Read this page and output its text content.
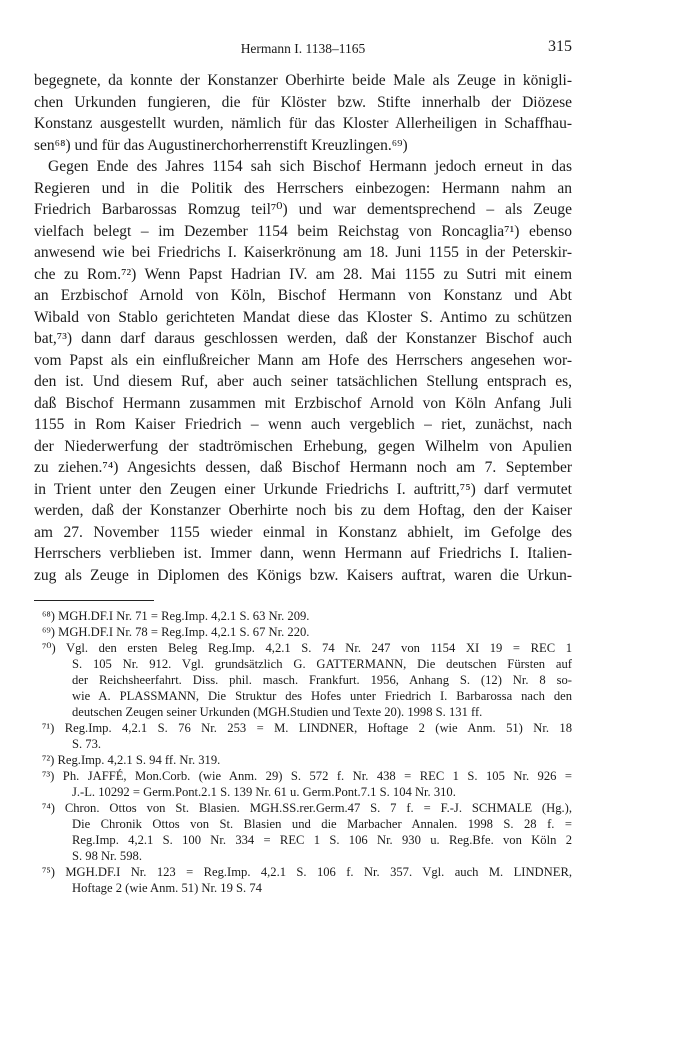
Hermann I. 1138–1165	315
begegnete, da konnte der Konstanzer Oberhirte beide Male als Zeuge in königli-
chen Urkunden fungieren, die für Klöster bzw. Stifte innerhalb der Diözese
Konstanz ausgestellt wurden, nämlich für das Kloster Allerheiligen in Schaffhau-
sen⁶⁸) und für das Augustinerchorherrenstift Kreuzlingen.⁶⁹)
Gegen Ende des Jahres 1154 sah sich Bischof Hermann jedoch erneut in das
Regieren und in die Politik des Herrschers einbezogen: Hermann nahm an
Friedrich Barbarossas Romzug teil⁷⁰) und war dementsprechend – als Zeuge
vielfach belegt – im Dezember 1154 beim Reichstag von Roncaglia⁷¹) ebenso
anwesend wie bei Friedrichs I. Kaiserkrönung am 18. Juni 1155 in der Peterskir-
che zu Rom.⁷²) Wenn Papst Hadrian IV. am 28. Mai 1155 zu Sutri mit einem
an Erzbischof Arnold von Köln, Bischof Hermann von Konstanz und Abt
Wibald von Stablo gerichteten Mandat diese das Kloster S. Antimo zu schützen
bat,⁷³) dann darf daraus geschlossen werden, daß der Konstanzer Bischof auch
vom Papst als ein einflußreicher Mann am Hofe des Herrschers angesehen wor-
den ist. Und diesem Ruf, aber auch seiner tatsächlichen Stellung entsprach es,
daß Bischof Hermann zusammen mit Erzbischof Arnold von Köln Anfang Juli
1155 in Rom Kaiser Friedrich – wenn auch vergeblich – riet, zunächst, nach
der Niederwerfung der stadtrömischen Erhebung, gegen Wilhelm von Apulien
zu ziehen.⁷⁴) Angesichts dessen, daß Bischof Hermann noch am 7. September
in Trient unter den Zeugen einer Urkunde Friedrichs I. auftritt,⁷⁵) darf vermutet
werden, daß der Konstanzer Oberhirte noch bis zu dem Hoftag, den der Kaiser
am 27. November 1155 wieder einmal in Konstanz abhielt, im Gefolge des
Herrschers verblieben ist. Immer dann, wenn Hermann auf Friedrichs I. Italien-
zug als Zeuge in Diplomen des Königs bzw. Kaisers auftrat, waren die Urkun-
⁶⁸) MGH.DF.I Nr. 71 = Reg.Imp. 4,2.1 S. 63 Nr. 209.
⁶⁹) MGH.DF.I Nr. 78 = Reg.Imp. 4,2.1 S. 67 Nr. 220.
⁷⁰) Vgl. den ersten Beleg Reg.Imp. 4,2.1 S. 74 Nr. 247 von 1154 XI 19 = REC 1
S. 105 Nr. 912. Vgl. grundsätzlich G. GATTERMANN, Die deutschen Fürsten auf
der Reichsheerfahrt. Diss. phil. masch. Frankfurt. 1956, Anhang S. (12) Nr. 8 so-
wie A. PLASSMANN, Die Struktur des Hofes unter Friedrich I. Barbarossa nach den
deutschen Zeugen seiner Urkunden (MGH.Studien und Texte 20). 1998 S. 131 ff.
⁷¹) Reg.Imp. 4,2.1 S. 76 Nr. 253 = M. LINDNER, Hoftage 2 (wie Anm. 51) Nr. 18
S. 73.
⁷²) Reg.Imp. 4,2.1 S. 94 ff. Nr. 319.
⁷³) Ph. JAFFÉ, Mon.Corb. (wie Anm. 29) S. 572 f. Nr. 438 = REC 1 S. 105 Nr. 926 =
J.-L. 10292 = Germ.Pont.2.1 S. 139 Nr. 61 u. Germ.Pont.7.1 S. 104 Nr. 310.
⁷⁴) Chron. Ottos von St. Blasien. MGH.SS.rer.Germ.47 S. 7 f. = F.-J. SCHMALE (Hg.),
Die Chronik Ottos von St. Blasien und die Marbacher Annalen. 1998 S. 28 f. =
Reg.Imp. 4,2.1 S. 100 Nr. 334 = REC 1 S. 106 Nr. 930 u. Reg.Bfe. von Köln 2
S. 98 Nr. 598.
⁷⁵) MGH.DF.I Nr. 123 = Reg.Imp. 4,2.1 S. 106 f. Nr. 357. Vgl. auch M. LINDNER,
Hoftage 2 (wie Anm. 51) Nr. 19 S. 74
